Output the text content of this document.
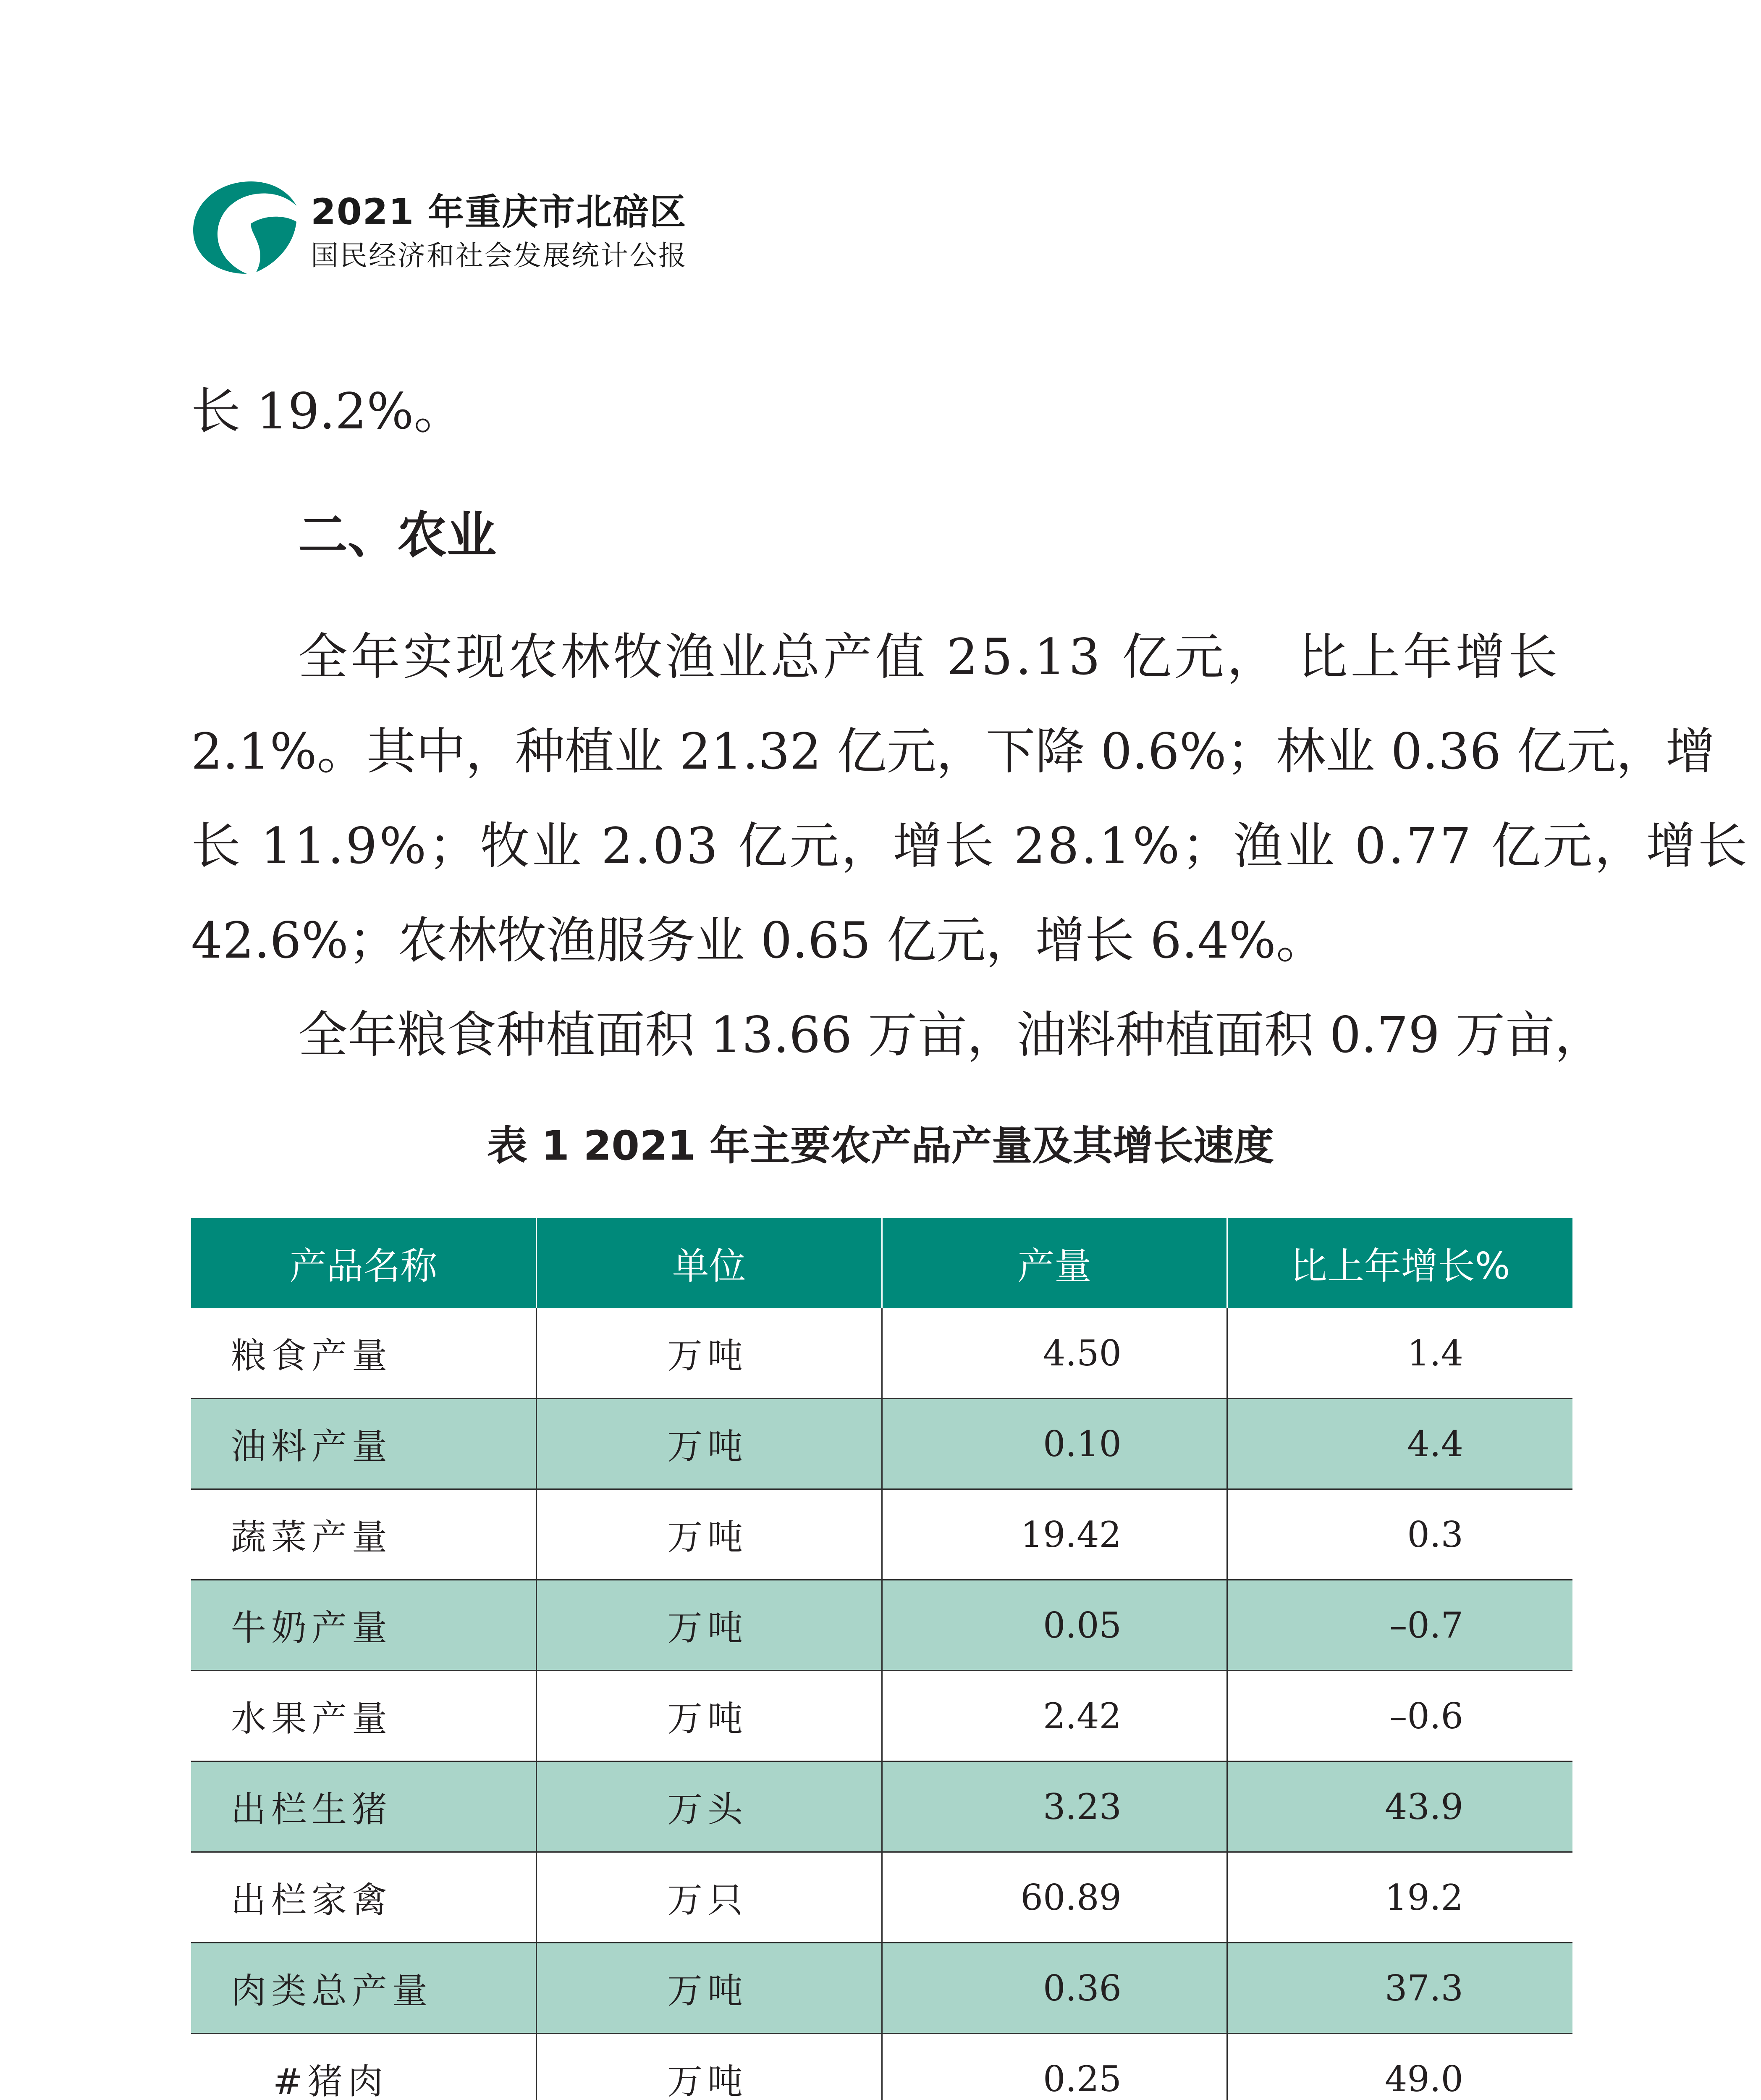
2021 年重庆市北碚区
国民经济和社会发展统计公报
长 19.2%。
二、农业
全年实现农林牧渔业总产值 25.13 亿元， 比上年增长
2.1%。其中，种植业 21.32 亿元，下降 0.6%；林业 0.36 亿元，增
长 11.9%；牧业 2.03 亿元，增长 28.1%；渔业 0.77 亿元，增长
42.6%；农林牧渔服务业 0.65 亿元，增长 6.4%。
全年粮食种植面积 13.66 万亩，油料种植面积 0.79 万亩，
表 1 2021 年主要农产品产量及其增长速度
产品名称	单位	产量	比上年增长%
粮食产量	万吨	4.50	1.4
油料产量	万吨	0.10	4.4
蔬菜产量	万吨	19.42	0.3
牛奶产量	万吨	0.05	–0.7
水果产量	万吨	2.42	–0.6
出栏生猪	万头	3.23	43.9
出栏家禽	万只	60.89	19.2
肉类总产量	万吨	0.36	37.3
#猪肉	万吨	0.25	49.0
